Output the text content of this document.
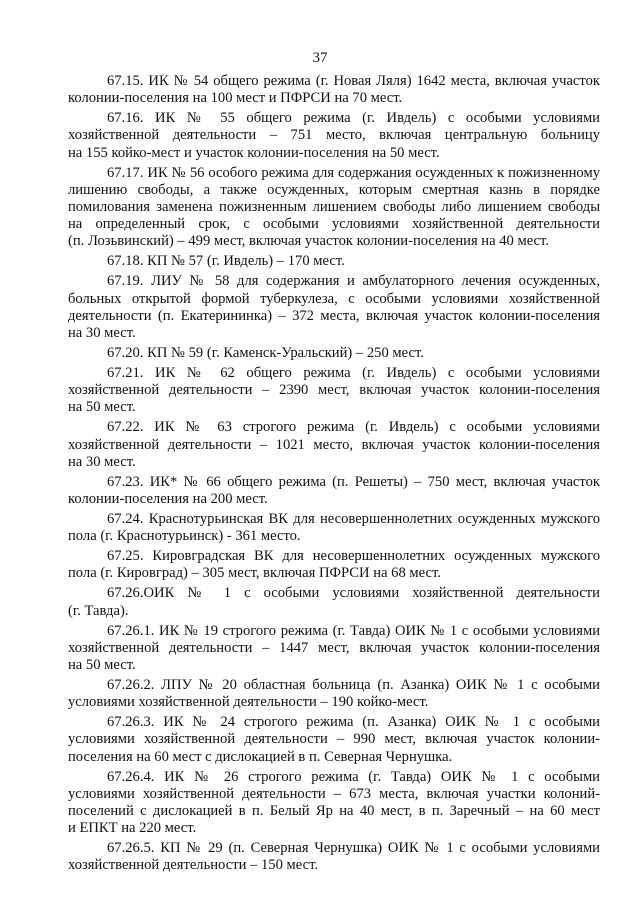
37
67.15. ИК № 54 общего режима (г. Новая Ляля) 1642 места, включая участок
колонии-поселения на 100 мест и ПФРСИ на 70 мест.
67.16. ИК № 55 общего режима (г. Ивдель) с особыми условиями
хозяйственной деятельности – 751 место, включая центральную больницу
на 155 койко-мест и участок колонии-поселения на 50 мест.
67.17. ИК № 56 особого режима для содержания осужденных к пожизненному
лишению свободы, а также осужденных, которым смертная казнь в порядке
помилования заменена пожизненным лишением свободы либо лишением свободы
на определенный срок, с особыми условиями хозяйственной деятельности
(п. Лозьвинский) – 499 мест, включая участок колонии-поселения на 40 мест.
67.18. КП № 57 (г. Ивдель) – 170 мест.
67.19. ЛИУ № 58 для содержания и амбулаторного лечения осужденных,
больных открытой формой туберкулеза, с особыми условиями хозяйственной
деятельности (п. Екатерининка) – 372 места, включая участок колонии-поселения
на 30 мест.
67.20. КП № 59 (г. Каменск-Уральский) – 250 мест.
67.21. ИК № 62 общего режима (г. Ивдель) с особыми условиями
хозяйственной деятельности – 2390 мест, включая участок колонии-поселения
на 50 мест.
67.22. ИК № 63 строгого режима (г. Ивдель) с особыми условиями
хозяйственной деятельности – 1021 место, включая участок колонии-поселения
на 30 мест.
67.23. ИК* № 66 общего режима (п. Решеты) – 750 мест, включая участок
колонии-поселения на 200 мест.
67.24. Краснотурьинская ВК для несовершеннолетних осужденных мужского
пола (г. Краснотурьинск) - 361 место.
67.25. Кировградская ВК для несовершеннолетних осужденных мужского
пола (г. Кировград) – 305 мест, включая ПФРСИ на 68 мест.
67.26.ОИК № 1 с особыми условиями хозяйственной деятельности
(г. Тавда).
67.26.1. ИК № 19 строгого режима (г. Тавда) ОИК № 1 с особыми условиями
хозяйственной деятельности – 1447 мест, включая участок колонии-поселения
на 50 мест.
67.26.2. ЛПУ № 20 областная больница (п. Азанка) ОИК № 1 с особыми
условиями хозяйственной деятельности – 190 койко-мест.
67.26.3. ИК № 24 строгого режима (п. Азанка) ОИК № 1 с особыми
условиями хозяйственной деятельности – 990 мест, включая участок колонии-
поселения на 60 мест с дислокацией в п. Северная Чернушка.
67.26.4. ИК № 26 строгого режима (г. Тавда) ОИК № 1 с особыми
условиями хозяйственной деятельности – 673 места, включая участки колоний-
поселений с дислокацией в п. Белый Яр на 40 мест, в п. Заречный – на 60 мест
и ЕПКТ на 220 мест.
67.26.5. КП № 29 (п. Северная Чернушка) ОИК № 1 с особыми условиями
хозяйственной деятельности – 150 мест.
